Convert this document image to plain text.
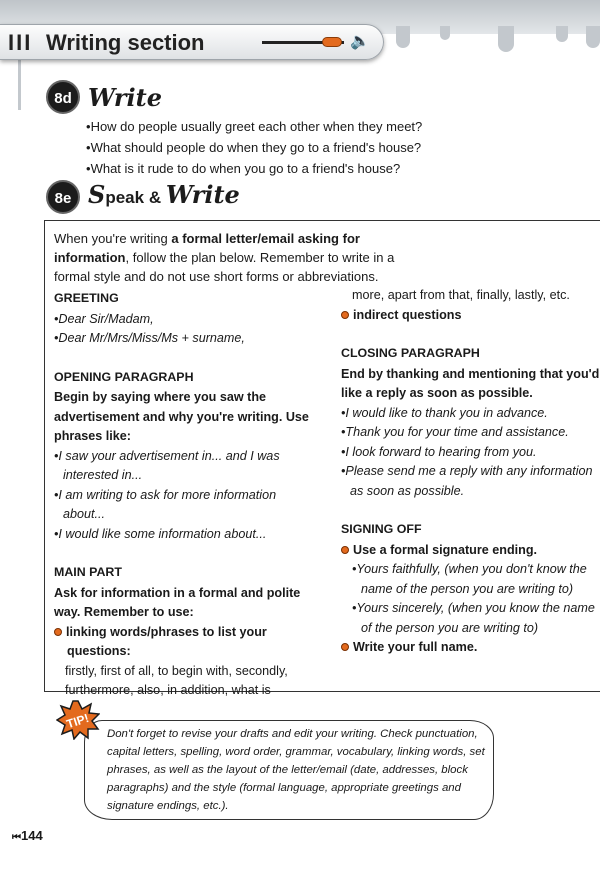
III Writing section	🔈
8d Write
• How do people usually greet each other when they meet?
• What should people do when they go to a friend's house?
• What is it rude to do when you go to a friend's house?
8e Speak & Write
When you're writing a formal letter/email asking for information, follow the plan below. Remember to write in a formal style and do not use short forms or abbreviations.
GREETING
• Dear Sir/Madam,
• Dear Mr/Mrs/Miss/Ms + surname,
OPENING PARAGRAPH
Begin by saying where you saw the advertisement and why you're writing. Use phrases like:
• I saw your advertisement in... and I was interested in...
• I am writing to ask for more information about...
• I would like some information about...
MAIN PART
Ask for information in a formal and polite way. Remember to use:
linking words/phrases to list your questions:
firstly, first of all, to begin with, secondly, furthermore, also, in addition, what is
more, apart from that, finally, lastly, etc.
indirect questions
CLOSING PARAGRAPH
End by thanking and mentioning that you'd like a reply as soon as possible.
• I would like to thank you in advance.
• Thank you for your time and assistance.
• I look forward to hearing from you.
• Please send me a reply with any information as soon as possible.
SIGNING OFF
Use a formal signature ending.
• Yours faithfully, (when you don't know the name of the person you are writing to)
• Yours sincerely, (when you know the name of the person you are writing to)
Write your full name.
Don't forget to revise your drafts and edit your writing. Check punctuation, capital letters, spelling, word order, grammar, vocabulary, linking words, set phrases, as well as the layout of the letter/email (date, addresses, block paragraphs) and the style (formal language, appropriate greetings and signature endings, etc.).
TIP!
⏮144
